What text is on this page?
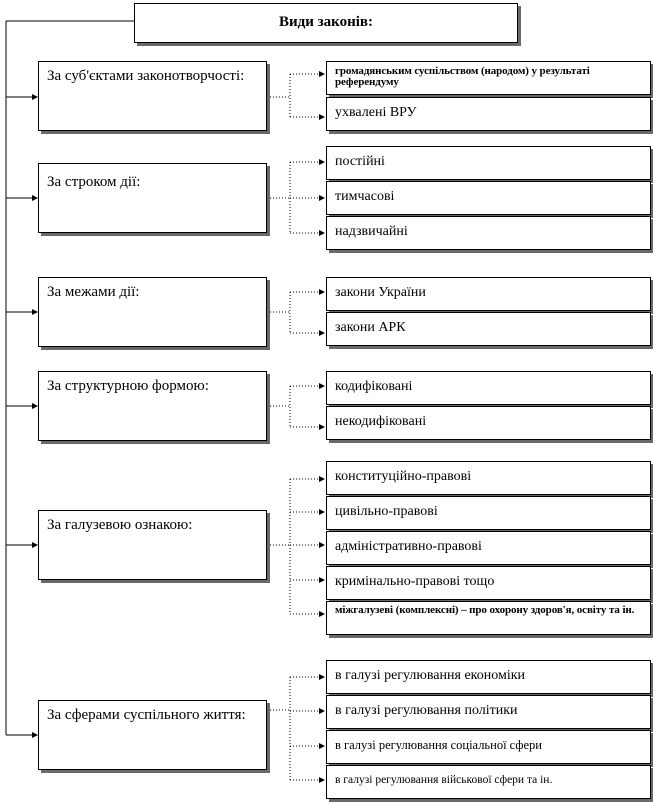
Види законів:
За суб'єктами законотворчості:
За строком дії:
За межами дії:
За структурною формою:
За галузевою ознакою:
За сферами суспільного життя:
громадянським суспільством (народом) у результаті референдуму
ухвалені ВРУ
постійні
тимчасові
надзвичайні
закони України
закони АРК
кодифіковані
некодифіковані
конституційно-правові
цивільно-правові
адміністративно-правові
кримінально-правові тощо
міжгалузеві (комплексні) – про охорону здоров'я, освіту та ін.
в галузі регулювання економіки
в галузі регулювання політики
в галузі регулювання соціальної сфери
в галузі регулювання військової сфери та ін.
